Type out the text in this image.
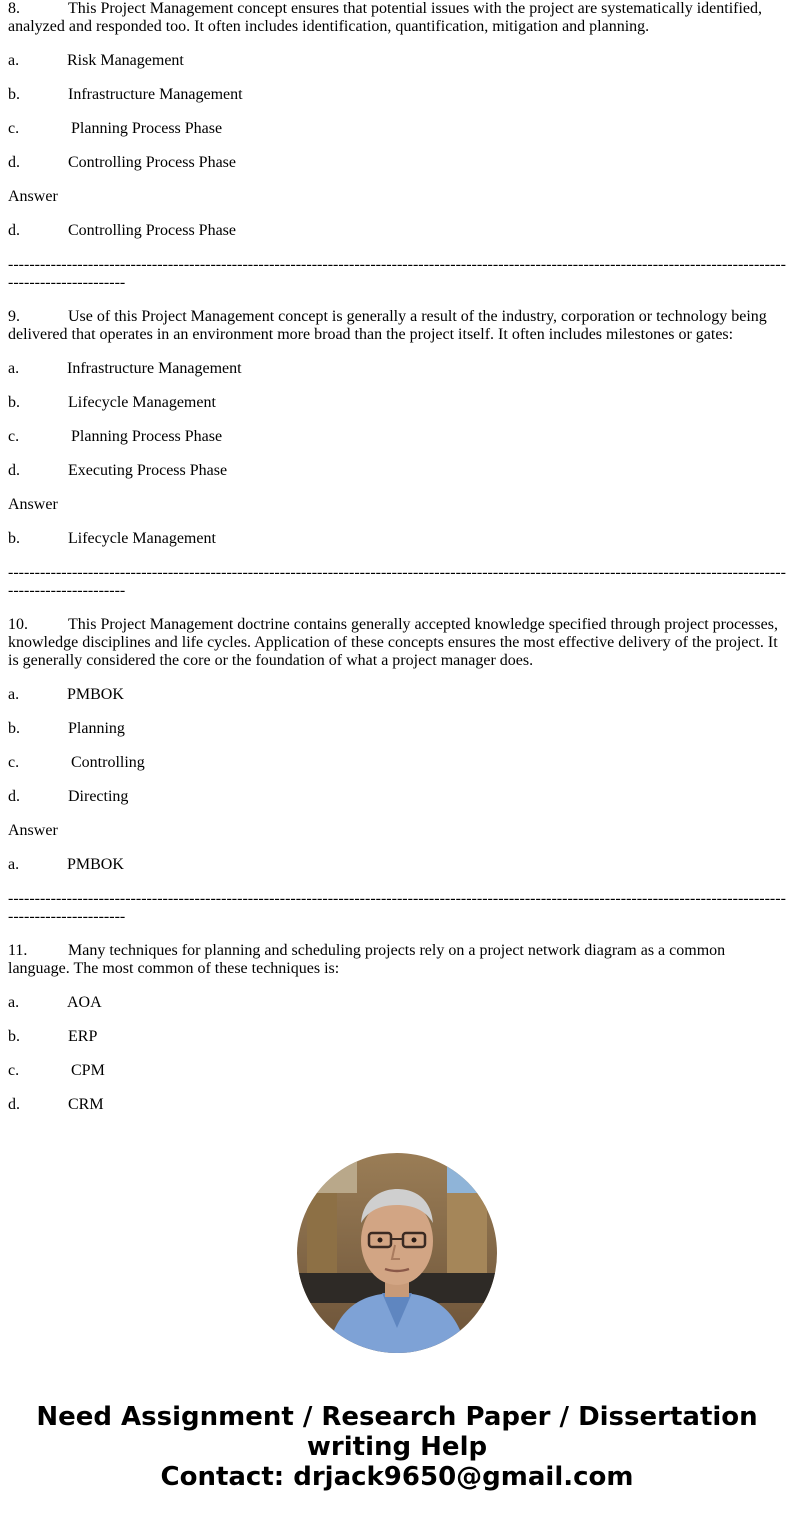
8.	This Project Management concept ensures that potential issues with the project are systematically identified, analyzed and responded too. It often includes identification, quantification, mitigation and planning.
a.	Risk Management
b.	Infrastructure Management
c.	Planning Process Phase
d.	Controlling Process Phase
Answer
d.	Controlling Process Phase
------------------------------------------------------------------------------------------------------------------------------------------------------------------------
9.	Use of this Project Management concept is generally a result of the industry, corporation or technology being delivered that operates in an environment more broad than the project itself. It often includes milestones or gates:
a.	Infrastructure Management
b.	Lifecycle Management
c.	Planning Process Phase
d.	Executing Process Phase
Answer
b.	Lifecycle Management
------------------------------------------------------------------------------------------------------------------------------------------------------------------------
10.	This Project Management doctrine contains generally accepted knowledge specified through project processes, knowledge disciplines and life cycles. Application of these concepts ensures the most effective delivery of the project. It is generally considered the core or the foundation of what a project manager does.
a.	PMBOK
b.	Planning
c.	Controlling
d.	Directing
Answer
a.	PMBOK
------------------------------------------------------------------------------------------------------------------------------------------------------------------------
11.	Many techniques for planning and scheduling projects rely on a project network diagram as a common language. The most common of these techniques is:
a.	AOA
b.	ERP
c.	CPM
d.	CRM
Need Assignment / Research Paper / Dissertation
writing Help
Contact: drjack9650@gmail.com
